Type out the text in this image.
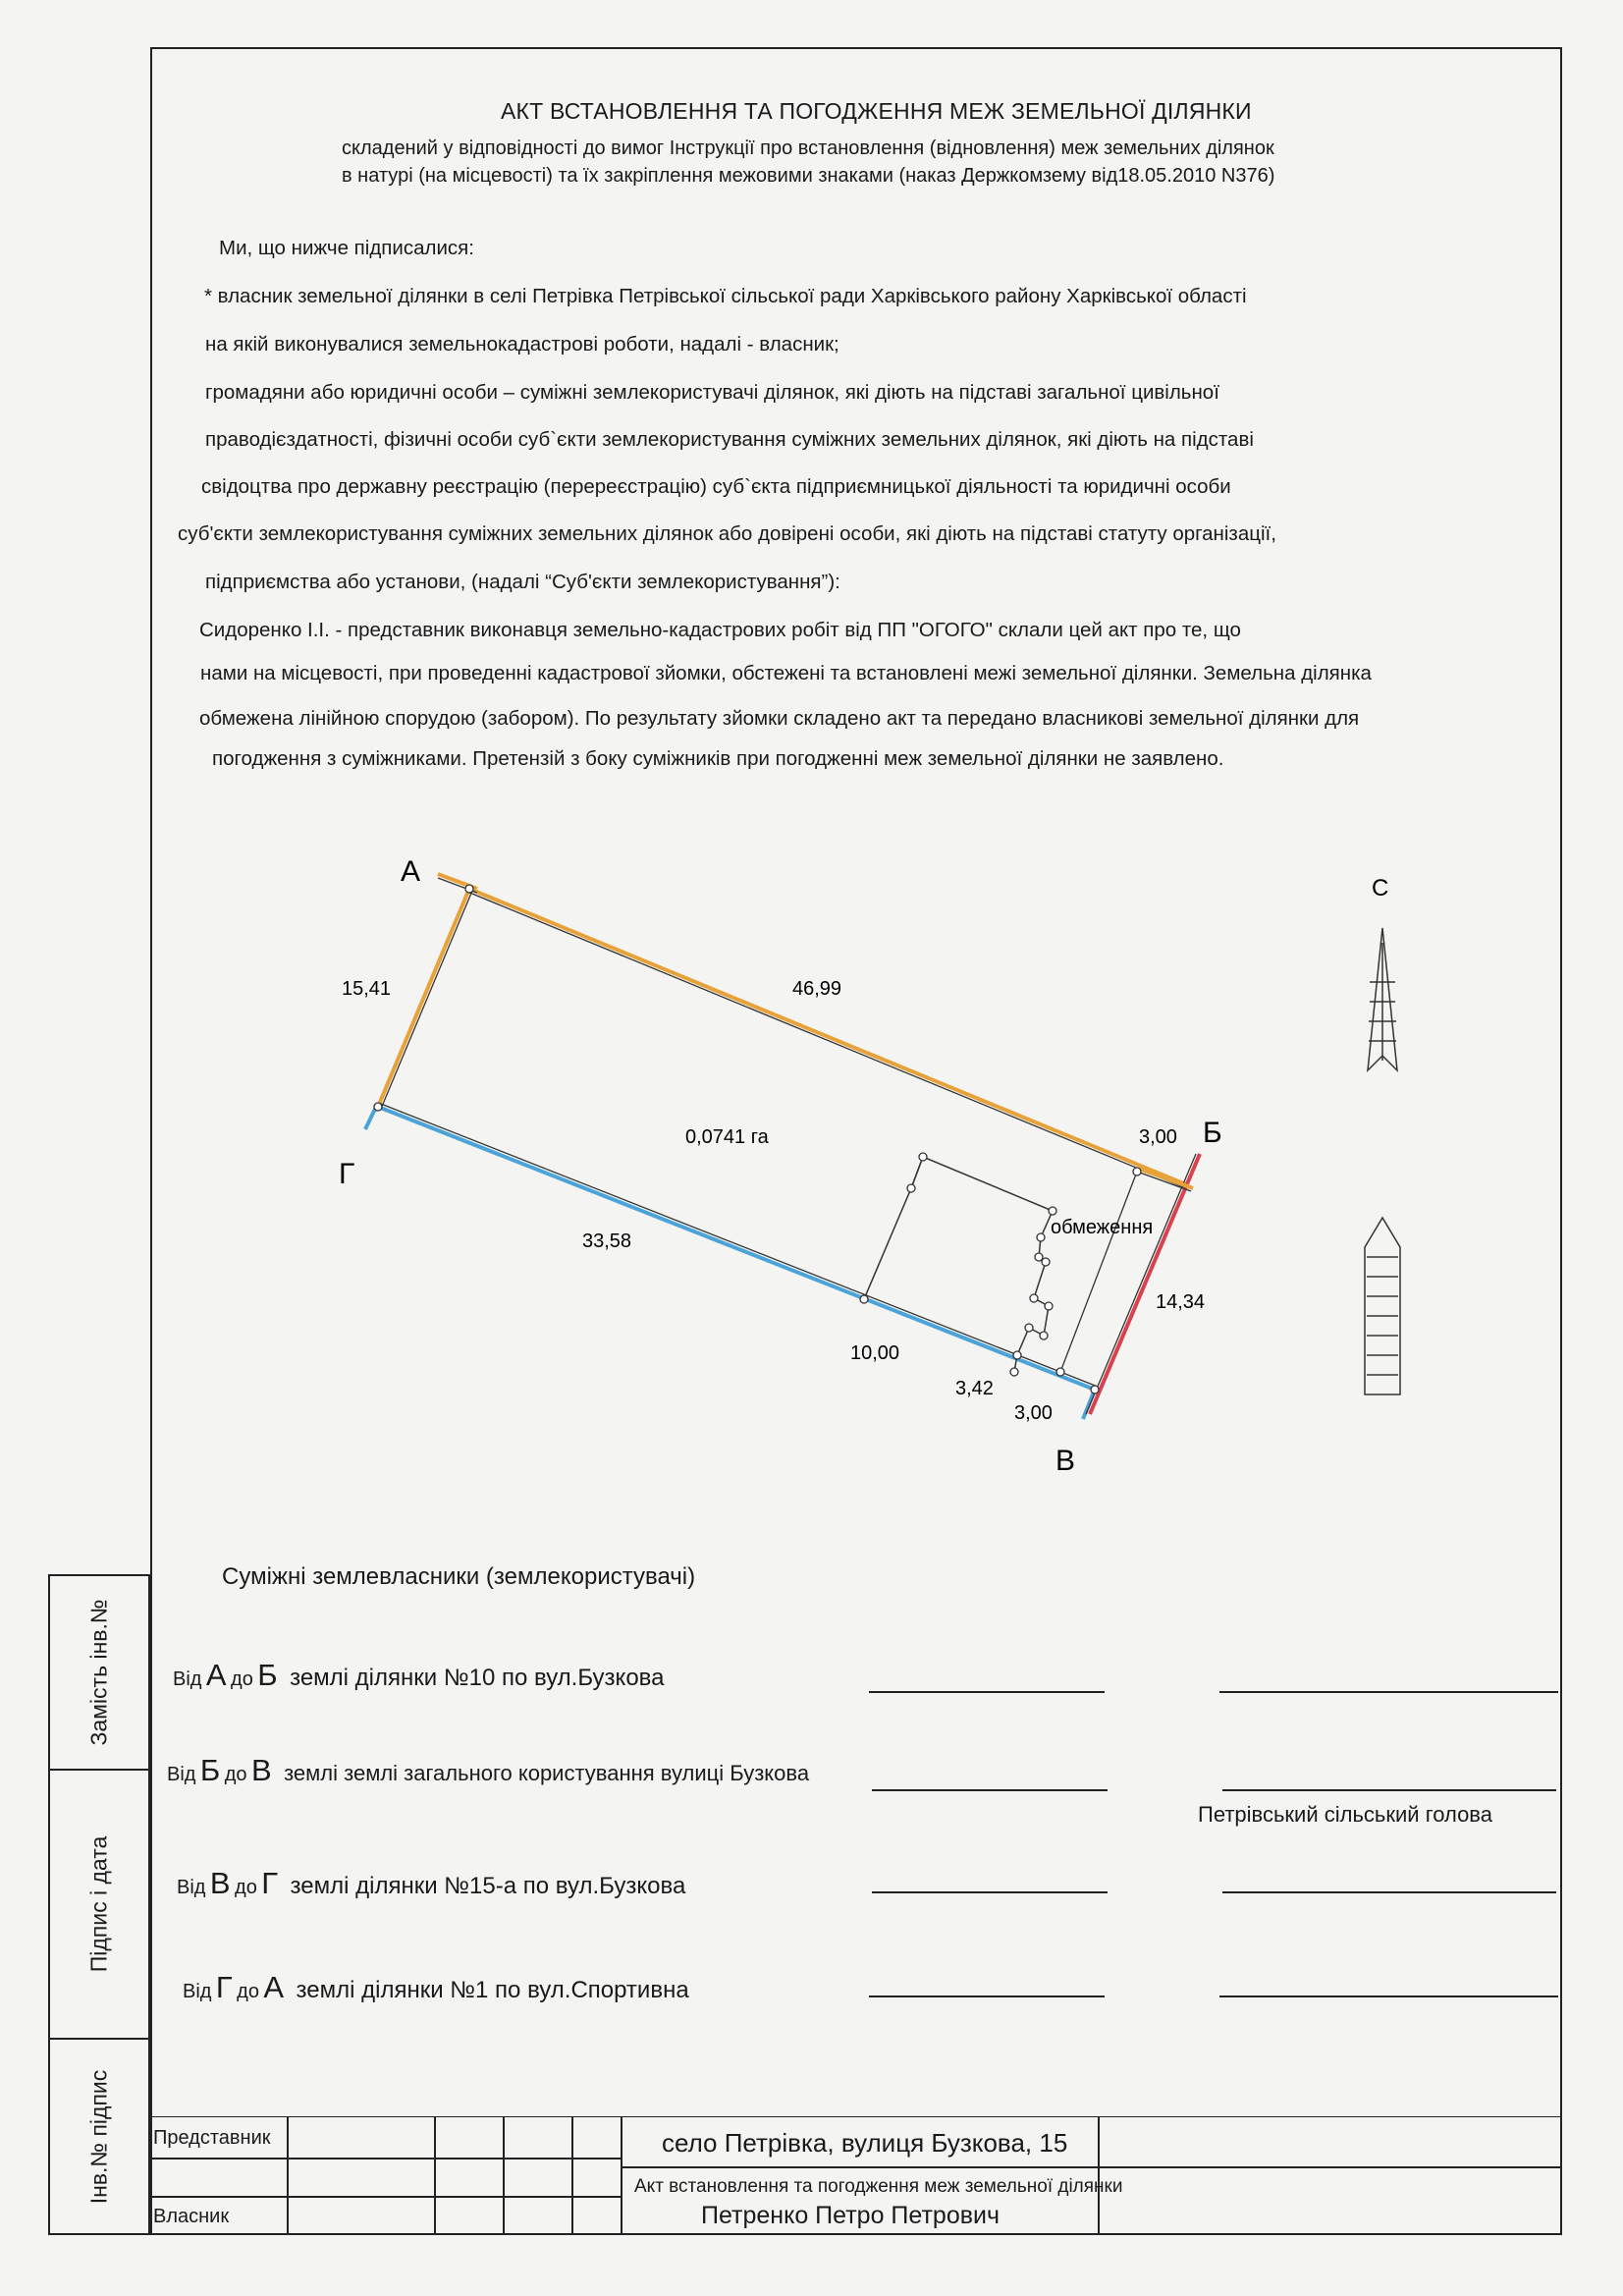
АКТ ВСТАНОВЛЕННЯ ТА ПОГОДЖЕННЯ МЕЖ ЗЕМЕЛЬНОЇ ДІЛЯНКИ
складений у відповідності до вимог Інструкції про встановлення (відновлення) меж земельних ділянок
в натурі (на місцевості) та їх закріплення межовими знаками (наказ Держкомзему від18.05.2010 N376)
Ми, що нижче підписалися:
* власник земельної ділянки в селі Петрівка Петрівської сільської ради Харківського району Харківської області
на якій виконувалися земельнокадастрові роботи, надалі - власник;
громадяни або юридичні особи – суміжні землекористувачі ділянок, які діють на підставі загальної цивільної
праводієздатності, фізичні особи суб`єкти землекористування суміжних земельних ділянок, які діють на підставі
свідоцтва про державну реєстрацію (перереєстрацію) суб`єкта підприємницької діяльності та юридичні особи
суб'єкти землекористування суміжних земельних ділянок або довірені особи, які діють на підставі статуту організації,
підприємства або установи, (надалі “Суб'єкти землекористування”):
Сидоренко І.І. - представник виконавця земельно-кадастрових робіт від ПП "ОГОГО" склали цей акт про те, що
нами на місцевості, при проведенні кадастрової зйомки, обстежені та встановлені межі земельної ділянки. Земельна ділянка
обмежена лінійною спорудою (забором). По результату зйомки складено акт та передано власникові земельної ділянки для
погодження з суміжниками. Претензій з боку суміжників при погодженні меж земельної ділянки не заявлено.
А
Б
В
Г
С
0,0741 га
46,99
14,34
33,58
15,41
3,00
10,00
3,42
3,00
обмеження
Суміжні землевласники (землекористувачі)
Від А до Б землі ділянки №10 по вул.Бузкова
Від Б до В землі землі загального користування вулиці Бузкова
Від В до Г землі ділянки №15-а по вул.Бузкова
Від Г до А землі ділянки №1 по вул.Спортивна
Петрівський сільський голова
Замість інв.№
Підпис і дата
Інв.№ підпис Представник
Власник
село Петрівка, вулиця Бузкова, 15
Акт встановлення та погодження меж земельної ділянки
Петренко Петро Петрович
